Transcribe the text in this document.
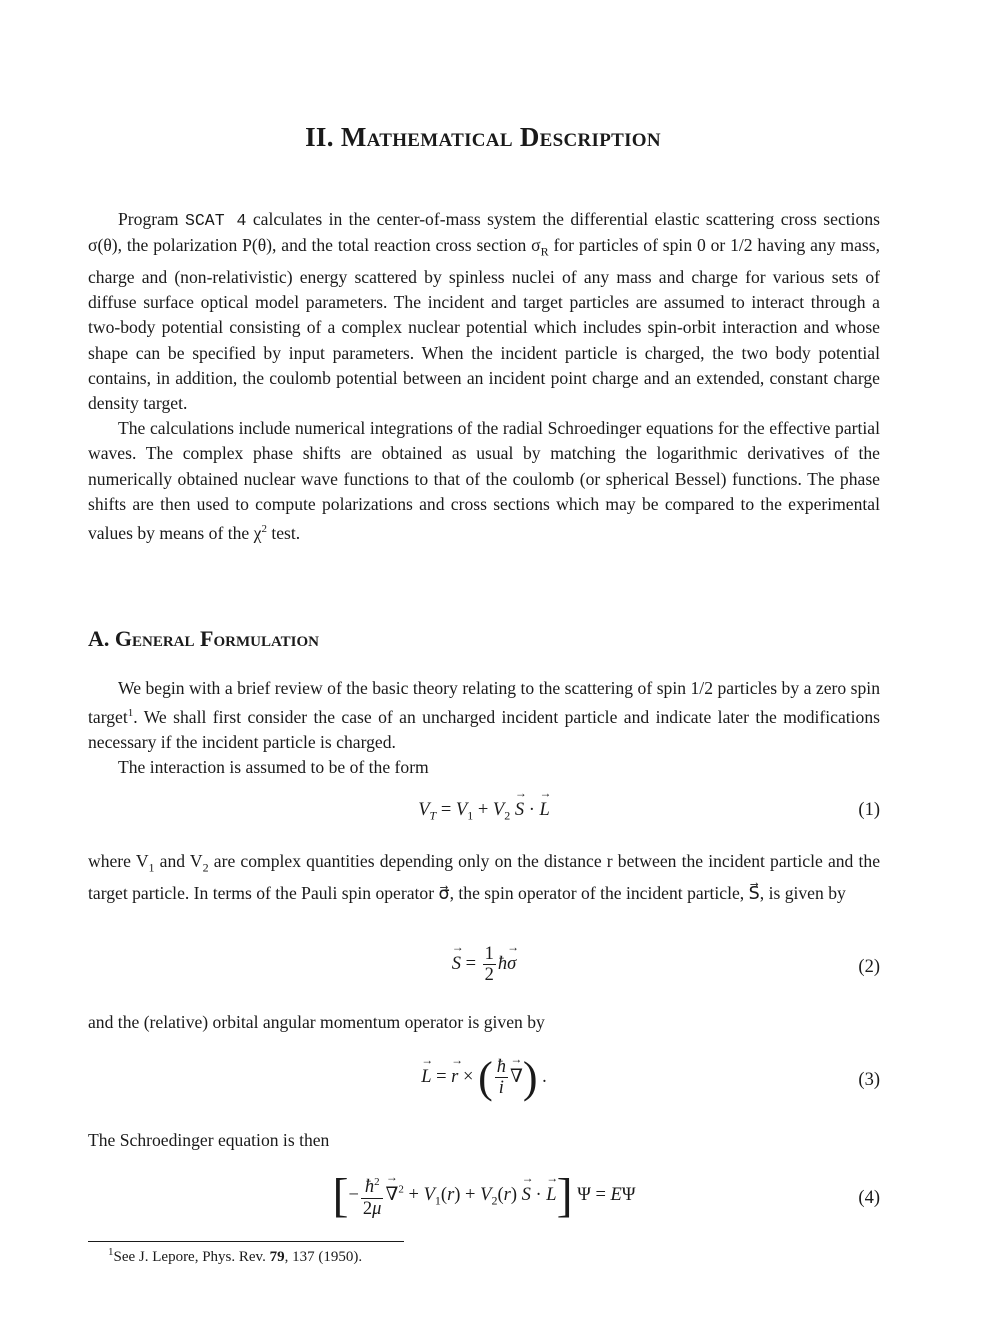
II. Mathematical Description

Program SCAT 4 calculates in the center-of-mass system the differential elastic scattering cross sections σ(θ), the polarization P(θ), and the total reaction cross section $\sigma_R$ for particles of spin 0 or 1/2 having any mass, charge and (non-relativistic) energy scattered by spinless nuclei of any mass and charge for various sets of diffuse surface optical model parameters. The incident and target particles are assumed to interact through a two-body potential consisting of a complex nuclear potential which includes spin-orbit interaction and whose shape can be specified by input parameters. When the incident particle is charged, the two body potential contains, in addition, the coulomb potential between an incident point charge and an extended, constant charge density target.

The calculations include numerical integrations of the radial Schroedinger equations for the effective partial waves. The complex phase shifts are obtained as usual by matching the logarithmic derivatives of the numerically obtained nuclear wave functions to that of the coulomb (or spherical Bessel) functions. The phase shifts are then used to compute polarizations and cross sections which may be compared to the experimental values by means of the $\chi^2$ test.

A. General Formulation

We begin with a brief review of the basic theory relating to the scattering of spin 1/2 particles by a zero spin target$^1$. We shall first consider the case of an uncharged incident particle and indicate later the modifications necessary if the incident particle is charged.

The interaction is assumed to be of the form

$V_T = V_1 + V_2 \to S$ · → L	(1)

where $V_1$ and $V_2$ are complex quantities depending only on the distance r between the incident particle and the target particle. In terms of the Pauli spin operator σ⃗, the spin operator of the incident particle, S⃗, is given by

→ $S = \frac{1}{2}$ ħ→ σ	(2)

and the (relative) orbital angular momentum operator is given by

→ L = → r × ( $\frac{ħ}{i}$
→ ∇) .	(3)

The Schroedinger equation is then

[− $\frac{ħ^2}{2\mu}$
→ $\nabla^2 + V_1(r) + V_2(r) \to S$ · → L] Ψ = EΨ	(4)
$^1$See J. Lepore, Phys. Rev. 79, 137 (1950).
